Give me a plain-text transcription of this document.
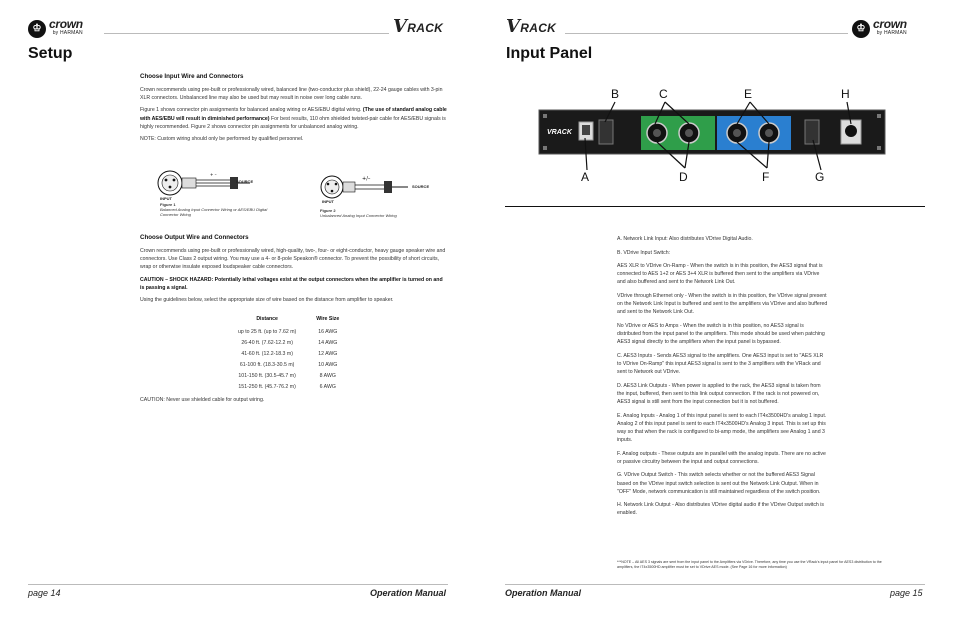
♔ crown
by HARMAN	VRACK
Setup
Choose Input Wire and Connectors
Crown recommends using pre-built or professionally wired, balanced line (two-conductor plus shield), 22-24 gauge cables with 3-pin XLR connectors. Unbalanced line may also be used but may result in noise over long cable runs.
Figure 1 shows connector pin assignments for balanced analog wiring or AES/EBU digital wiring. (The use of standard analog cable with AES/EBU will result in diminished performance) For best results, 110 ohm shielded twisted-pair cable for AES/EBU signals is highly recommended. Figure 2 shows connector pin assignments for unbalanced analog wiring.
NOTE: Custom wiring should only be performed by qualified personnel.
+ –
SOURCE
INPUT
Figure 1
Balanced Analog Input Connector Wiring or AES/EBU Digital Connector Wiring
+/–
SOURCE
INPUT
Figure 2
Unbalanced Analog Input Connector Wiring
Choose Output Wire and Connectors
Crown recommends using pre-built or professionally wired, high-quality, two-, four- or eight-conductor, heavy gauge speaker wire and connectors. Use Class 2 output wiring. You may use a 4- or 8-pole Speakon® connector. To prevent the possibility of short circuits, wrap or otherwise insulate exposed loudspeaker cable connectors.
CAUTION – SHOCK HAZARD: Potentially lethal voltages exist at the output connectors when the amplifier is turned on and is passing a signal.
Using the guidelines below, select the appropriate size of wire based on the distance from amplifier to speaker.
Distance	Wire Size
up to 25 ft. (up to 7.62 m)	16 AWG
26-40 ft. (7.62-12.2 m)	14 AWG
41-60 ft. (12.2-18.3 m)	12 AWG
61-100 ft. (18.3-30.5 m)	10 AWG
101-150 ft. (30.5-45.7 m)	8 AWG
151-250 ft. (45.7-76.2 m)	6 AWG
CAUTION: Never use shielded cable for output wiring.
page 14	Operation Manual
VRACK	♔ crown
by HARMAN
Input Panel
VRACK
B	C	E	H
A	D	F	G

A. Network Link Input: Also distributes VDrive Digital Audio.

B. VDrive Input Switch:

AES XLR to VDrive On-Ramp - When the switch is in this position, the AES3 signal that is connected to AES 1+2 or AES 3+4 XLR is buffered then sent to the amplifiers via VDrive and also buffered and sent to the Network Link Out.

VDrive through Ethernet only - When the switch is in this position, the VDrive signal present on the Network Link Input is buffered and sent to the amplifiers via VDrive and also buffered and sent to the Network Link Out.

No VDrive or AES to Amps - When the switch is in this position, no AES3 signal is distributed from the input panel to the amplifiers. This mode should be used when patching AES3 signal directly to the amplifiers when the input panel is bypassed.

C. AES3 Inputs - Sends AES3 signal to the amplifiers. One AES3 input is set to "AES XLR to VDrive On-Ramp" this input AES3 signal is sent to the 3 amplifiers with the VRack and sent to Network out VDrive.

D. AES3 Link Outputs - When power is applied to the rack, the AES3 signal is taken from the input, buffered, then sent to this link output connection. If the rack is not powered on, AES3 signal is still sent from the input connection but it is not buffered.

E. Analog Inputs - Analog 1 of this input panel is sent to each IT4x3500HD's analog 1 input. Analog 2 of this input panel is sent to each IT4x3500HD's Analog 3 input. This is set up this way so that when the rack is configured to bi-amp mode, the amplifiers see Analog 1 and 3 inputs.

F. Analog outputs - These outputs are in parallel with the analog inputs. There are no active or passive circuitry between the input and output connections.

G. VDrive Output Switch - This switch selects whether or not the buffered AES3 Signal based on the VDrive input switch selection is sent out the Network Link Output. When in "OFF" Mode, network communication is still maintained regardless of the switch position.

H. Network Link Output - Also distributes VDrive digital audio if the VDrive Output switch is enabled.

***NOTE – All AES 3 signals are sent from the input panel to the Amplifiers via VDrive. Therefore, any time you use the VRack's input panel for AES3 distribution to the amplifiers, the IT4x3500HD amplifier must be set to VDrive AES mode. (See Page 16 for more information)
Operation Manual	page 15
